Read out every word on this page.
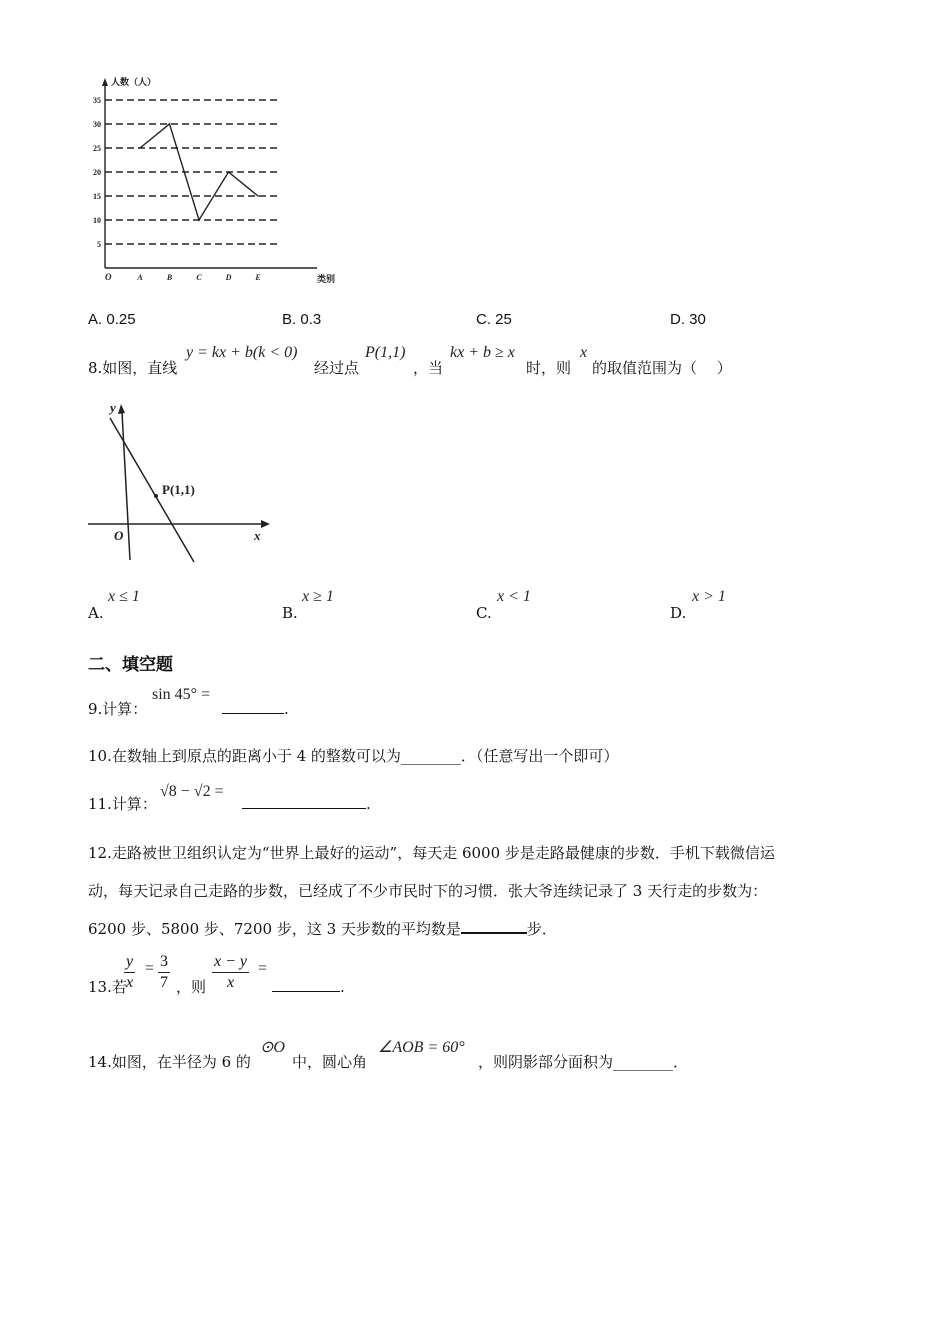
人数（人）
类别
O
5
10
15
20
25
30
35
A	B	C	D	E
A. 0.25	B. 0.3	C. 25	D. 30
8.如图，直线
y = kx + b(k < 0)
经过点
P(1,1)
，当
kx + b ≥ x
时，则
x
的取值范围为（　 ）
y
x
O
P(1,1)
A.
x ≤ 1
B.
x ≥ 1
C.
x < 1
D.
x > 1
二、填空题
9.计算：
sin 45° =
.
10.在数轴上到原点的距离小于 4 的整数可以为________．（任意写出一个即可）
11.计算：
√8 − √2 =
.
12.走路被世卫组织认定为“世界上最好的运动”，每天走 6000 步是走路最健康的步数．手机下载微信运
动，每天记录自己走路的步数，已经成了不少市民时下的习惯．张大爷连续记录了 3 天行走的步数为：
6200 步、5800 步、7200 步，这 3 天步数的平均数是	步．
13.若
$\frac{y}{x} = \frac{3}{7}$ ，则 $\frac{x - y}{x}$ =
.
14.如图，在半径为 6 的
⊙O
中，圆心角
∠AOB = 60°
，则阴影部分面积为________．
